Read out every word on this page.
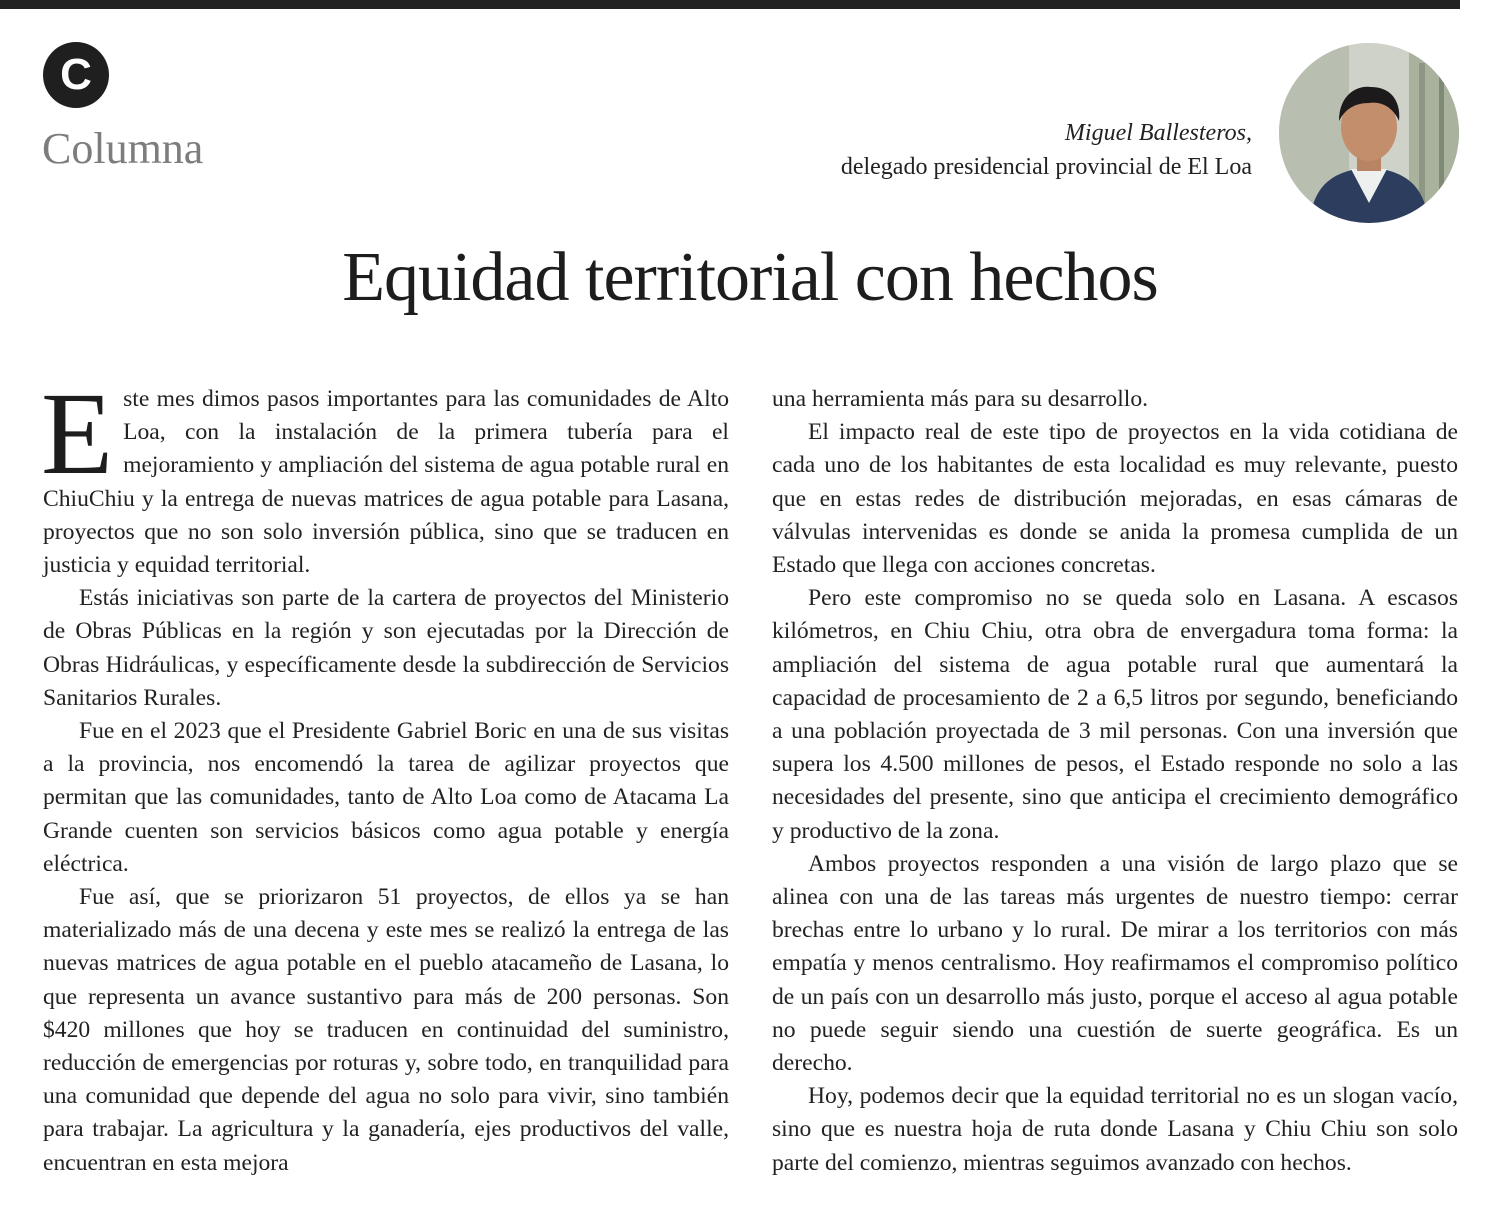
C
Columna	Miguel Ballesteros,
delegado presidencial provincial de El Loa
Equidad territorial con hechos

Este mes dimos pasos importantes para las comunidades de Alto Loa, con la instalación de la primera tubería para el mejoramiento y ampliación del sistema de agua potable rural en ChiuChiu y la entrega de nuevas matrices de agua potable para Lasana, proyectos que no son solo inversión pública, sino que se traducen en justicia y equidad territorial.

Estás iniciativas son parte de la cartera de proyectos del Ministerio de Obras Públicas en la región y son ejecutadas por la Dirección de Obras Hidráulicas, y específicamente desde la subdirección de Servicios Sanitarios Rurales.

Fue en el 2023 que el Presidente Gabriel Boric en una de sus visitas a la provincia, nos encomendó la tarea de agilizar proyectos que permitan que las comunidades, tanto de Alto Loa como de Atacama La Grande cuenten son servicios básicos como agua potable y energía eléctrica.

Fue así, que se priorizaron 51 proyectos, de ellos ya se han materializado más de una decena y este mes se realizó la entrega de las nuevas matrices de agua potable en el pueblo atacameño de Lasana, lo que representa un avance sustantivo para más de 200 personas. Son $420 millones que hoy se traducen en continuidad del suministro, reducción de emergencias por roturas y, sobre todo, en tranquilidad para una comunidad que depende del agua no solo para vivir, sino también para trabajar. La agricultura y la ganadería, ejes productivos del valle, encuentran en esta mejora

una herramienta más para su desarrollo.

El impacto real de este tipo de proyectos en la vida cotidiana de cada uno de los habitantes de esta localidad es muy relevante, puesto que en estas redes de distribución mejoradas, en esas cámaras de válvulas intervenidas es donde se anida la promesa cumplida de un Estado que llega con acciones concretas.

Pero este compromiso no se queda solo en Lasana. A escasos kilómetros, en Chiu Chiu, otra obra de envergadura toma forma: la ampliación del sistema de agua potable rural que aumentará la capacidad de procesamiento de 2 a 6,5 litros por segundo, beneficiando a una población proyectada de 3 mil personas. Con una inversión que supera los 4.500 millones de pesos, el Estado responde no solo a las necesidades del presente, sino que anticipa el crecimiento demográfico y productivo de la zona.

Ambos proyectos responden a una visión de largo plazo que se alinea con una de las tareas más urgentes de nuestro tiempo: cerrar brechas entre lo urbano y lo rural. De mirar a los territorios con más empatía y menos centralismo. Hoy reafirmamos el compromiso político de un país con un desarrollo más justo, porque el acceso al agua potable no puede seguir siendo una cuestión de suerte geográfica. Es un derecho.

Hoy, podemos decir que la equidad territorial no es un slogan vacío, sino que es nuestra hoja de ruta donde Lasana y Chiu Chiu son solo parte del comienzo, mientras seguimos avanzado con hechos.
